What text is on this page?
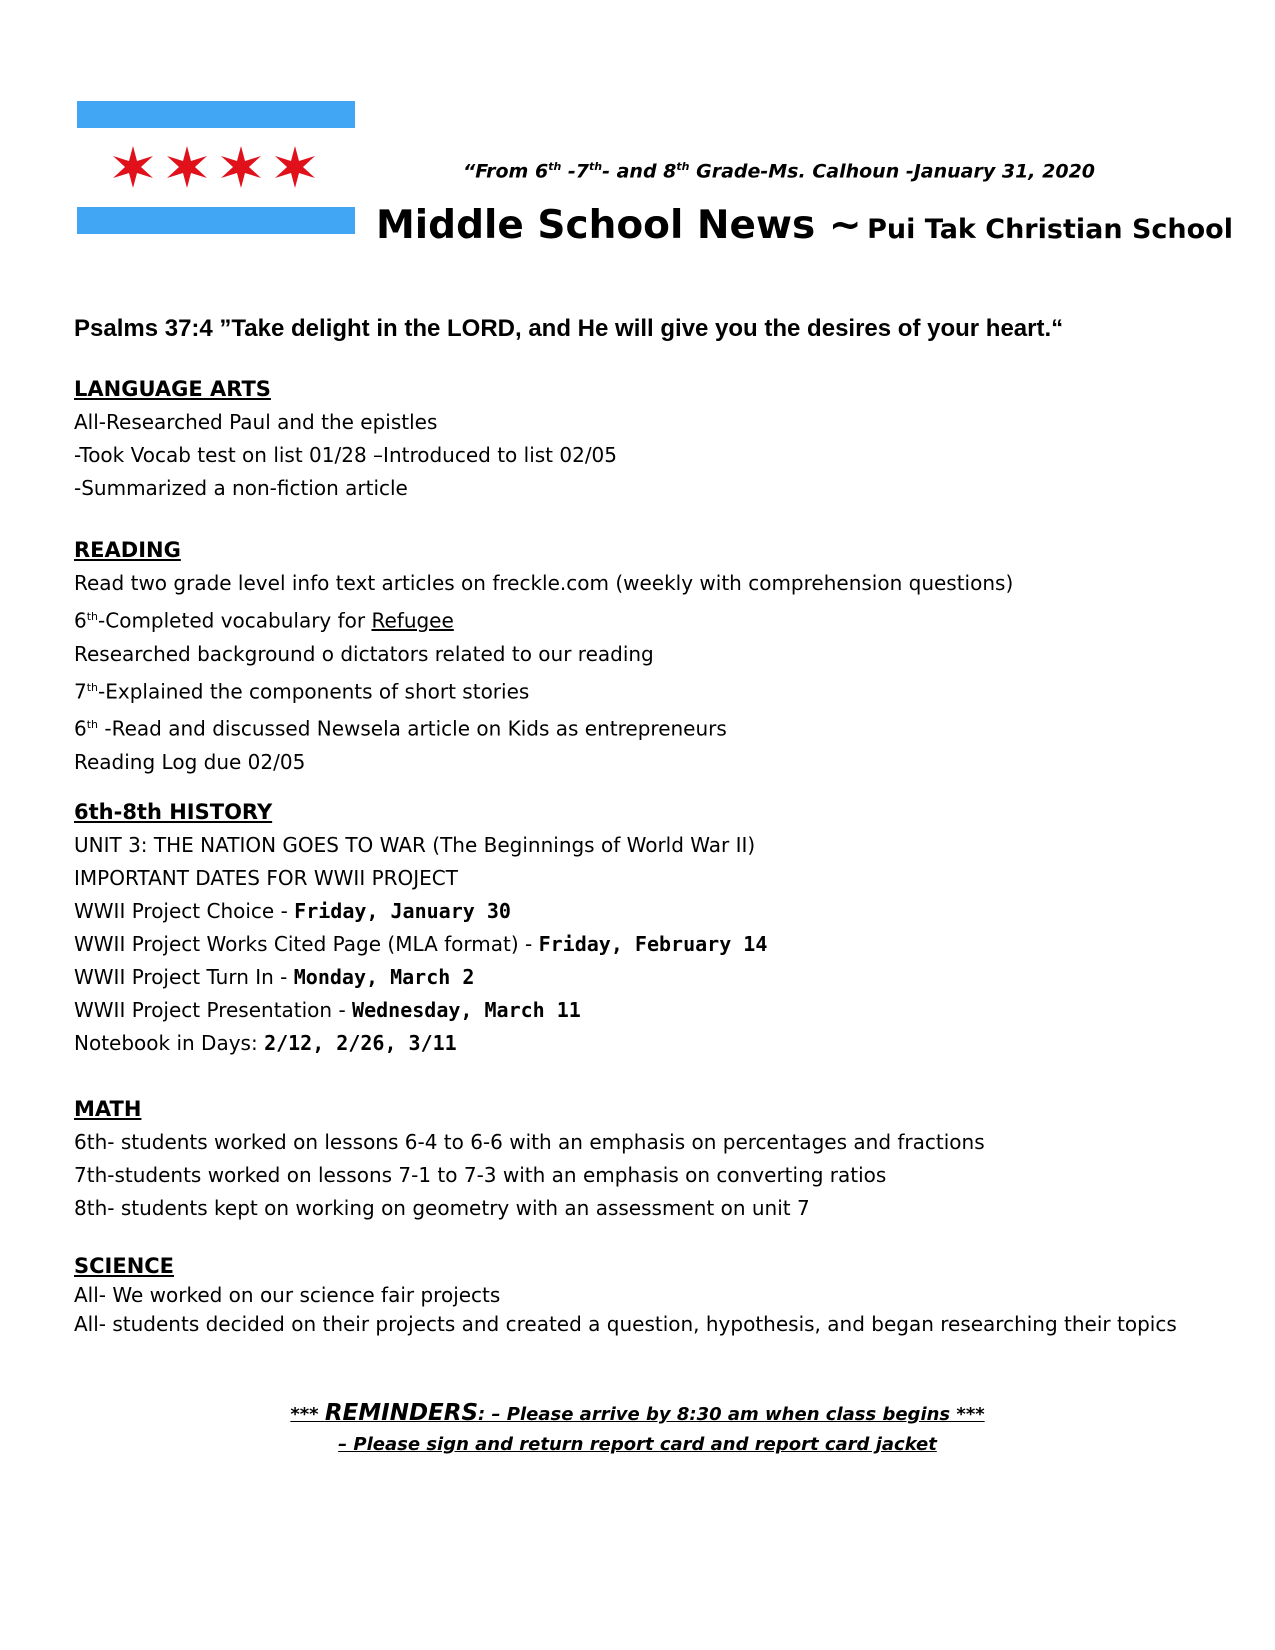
“From 6th -7th- and 8th Grade-Ms. Calhoun -January 31, 2020
Middle School News ~ Pui Tak Christian School
Psalms 37:4 ”Take delight in the LORD, and He will give you the desires of your heart.“
LANGUAGE ARTS
All-Researched Paul and the epistles
-Took Vocab test on list 01/28 –Introduced to list 02/05
-Summarized a non-fiction article
READING
Read two grade level info text articles on freckle.com (weekly with comprehension questions)
6th-Completed vocabulary for Refugee
Researched background o dictators related to our reading
7th-Explained the components of short stories
6th -Read and discussed Newsela article on Kids as entrepreneurs
Reading Log due 02/05
6th-8th HISTORY
UNIT 3: THE NATION GOES TO WAR (The Beginnings of World War II)
IMPORTANT DATES FOR WWII PROJECT
WWII Project Choice - Friday, January 30
WWII Project Works Cited Page (MLA format) - Friday, February 14
WWII Project Turn In - Monday, March 2
WWII Project Presentation - Wednesday, March 11
Notebook in Days: 2/12, 2/26, 3/11
MATH
6th- students worked on lessons 6-4 to 6-6 with an emphasis on percentages and fractions
7th-students worked on lessons 7-1 to 7-3 with an emphasis on converting ratios
8th- students kept on working on geometry with an assessment on unit 7
SCIENCE
All- We worked on our science fair projects
All- students decided on their projects and created a question, hypothesis, and began researching their topics
*** REMINDERS: – Please arrive by 8:30 am when class begins ***
– Please sign and return report card and report card jacket
